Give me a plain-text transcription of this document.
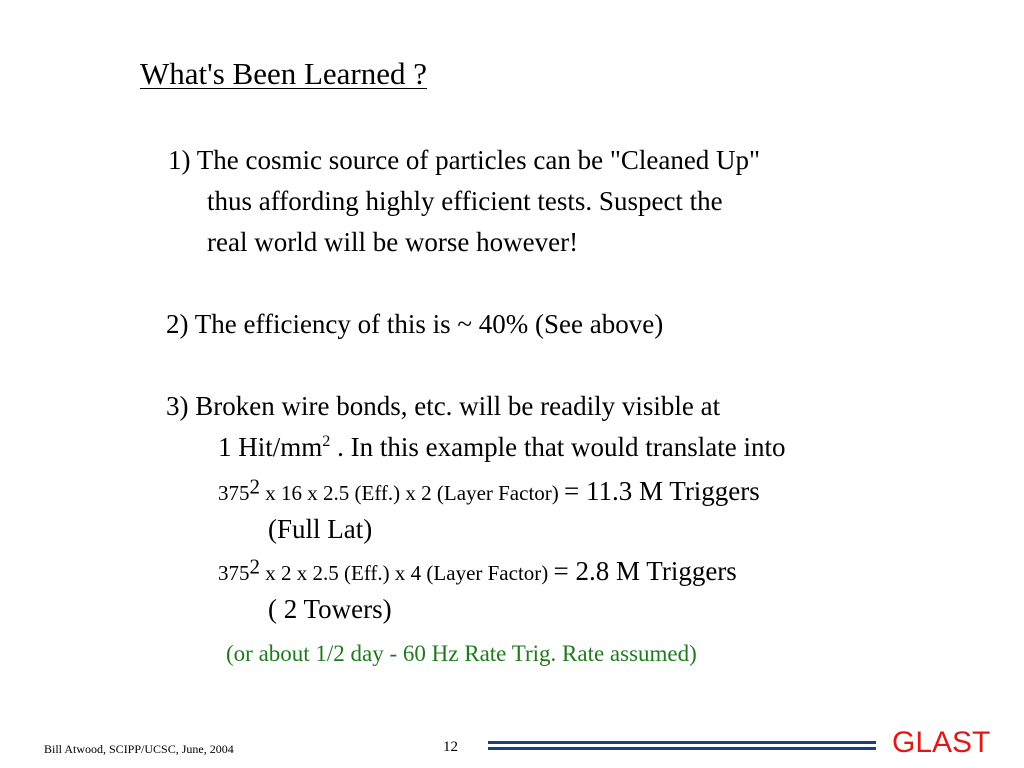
What's Been Learned ?
1) The cosmic source of particles can be "Cleaned Up"
thus affording highly efficient tests. Suspect the
real world will be worse however!
2) The efficiency of this is ~ 40% (See above)
3) Broken wire bonds, etc. will be readily visible at
1 Hit/$mm^2$ . In this example that would translate into
$375^2$ x 16 x 2.5 (Eff.) x 2 (Layer Factor) = 11.3 M Triggers
(Full Lat)
$375^2$ x 2 x 2.5 (Eff.) x 4 (Layer Factor) = 2.8 M Triggers
( 2 Towers)
(or about 1/2 day - 60 Hz Rate Trig. Rate assumed)
Bill Atwood, SCIPP/UCSC, June, 2004	12	GLAST
